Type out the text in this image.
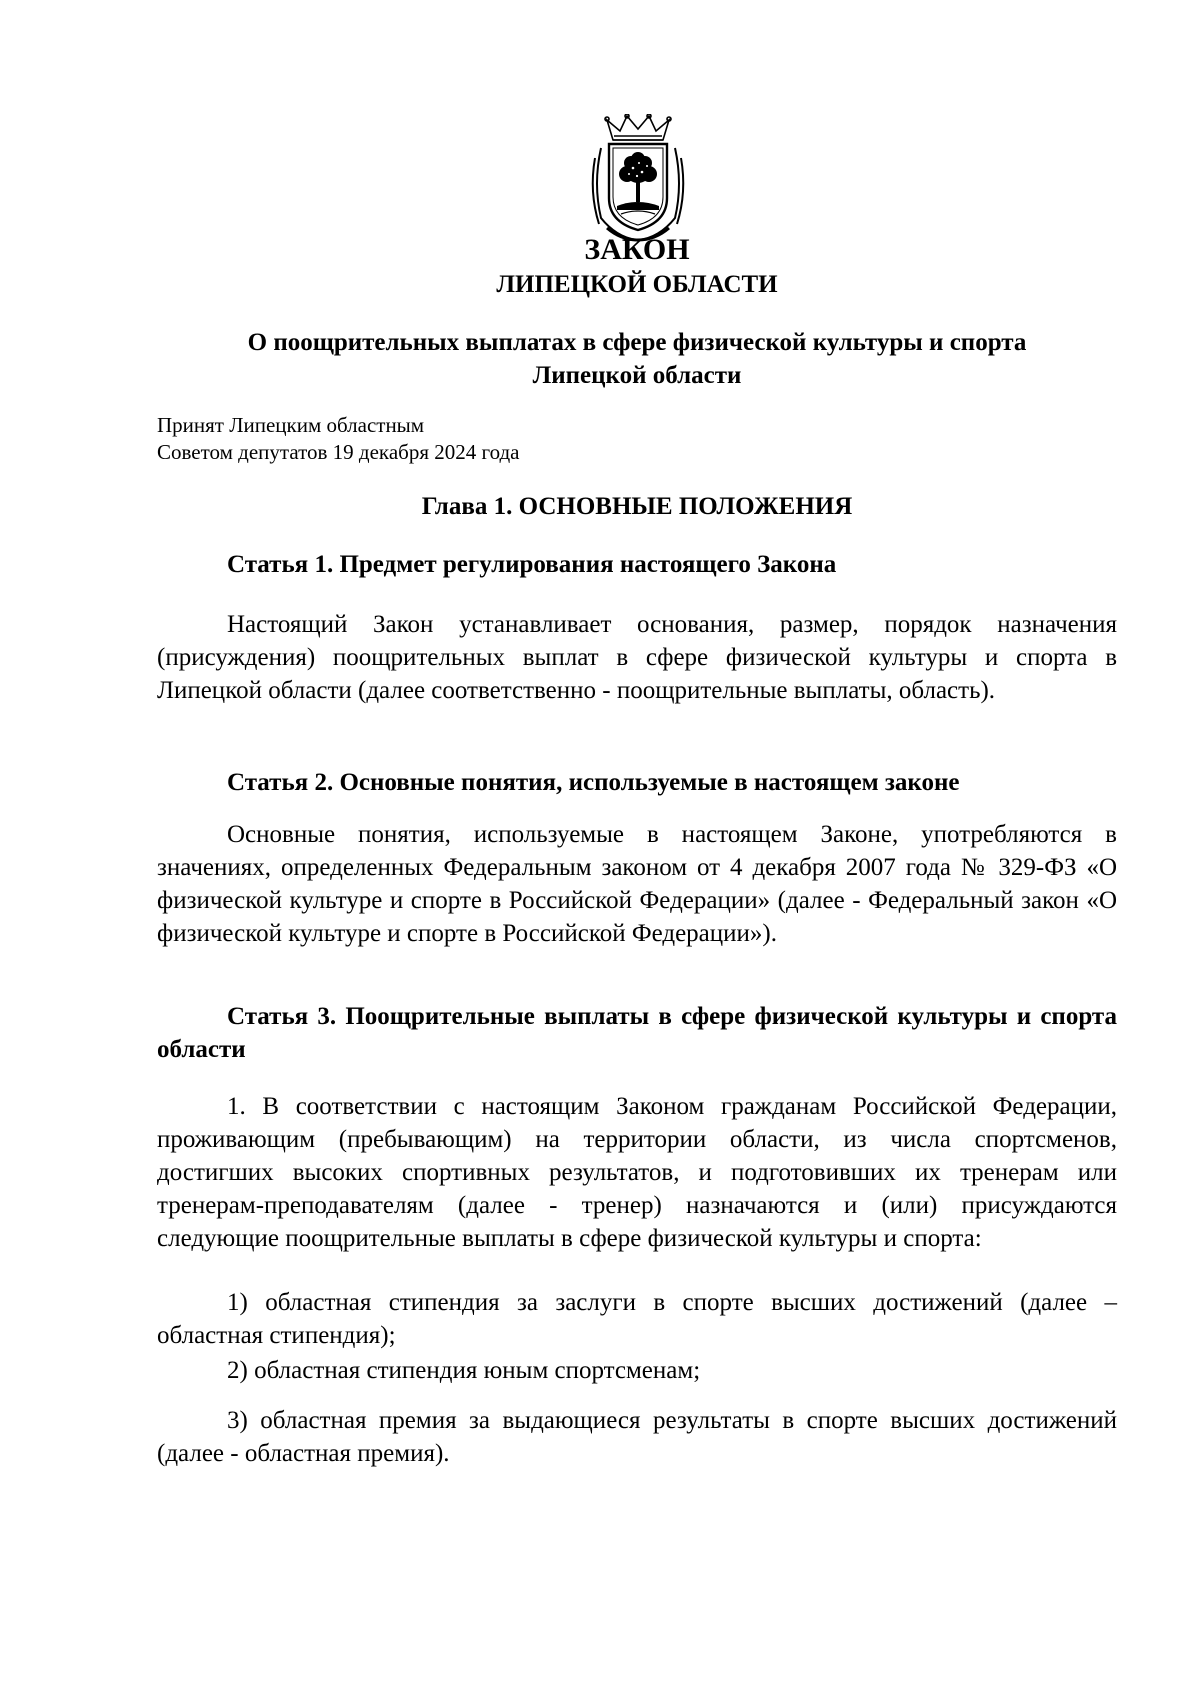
ЗАКОН
ЛИПЕЦКОЙ ОБЛАСТИ

О поощрительных выплатах в сфере физической культуры и спорта

Липецкой области

Принят Липецким областным

Советом депутатов 19 декабря 2024 года

Глава 1. ОСНОВНЫЕ ПОЛОЖЕНИЯ
Статья 1. Предмет регулирования настоящего Закона
Настоящий Закон устанавливает основания, размер, порядок назначения (присуждения) поощрительных выплат в сфере физической культуры и спорта в Липецкой области (далее соответственно - поощрительные выплаты, область).
Статья 2. Основные понятия, используемые в настоящем законе
Основные понятия, используемые в настоящем Законе, употребляются в значениях, определенных Федеральным законом от 4 декабря 2007 года № 329-ФЗ «О физической культуре и спорте в Российской Федерации» (далее - Федеральный закон «О физической культуре и спорте в Российской Федерации»).
Статья 3. Поощрительные выплаты в сфере физической культуры и спорта области
1. В соответствии с настоящим Законом гражданам Российской Федерации, проживающим (пребывающим) на территории области, из числа спортсменов, достигших высоких спортивных результатов, и подготовивших их тренерам или тренерам-преподавателям (далее - тренер) назначаются и (или) присуждаются следующие поощрительные выплаты в сфере физической культуры и спорта:
1) областная стипендия за заслуги в спорте высших достижений (далее – областная стипендия);
2) областная стипендия юным спортсменам;
3) областная премия за выдающиеся результаты в спорте высших достижений (далее - областная премия).
